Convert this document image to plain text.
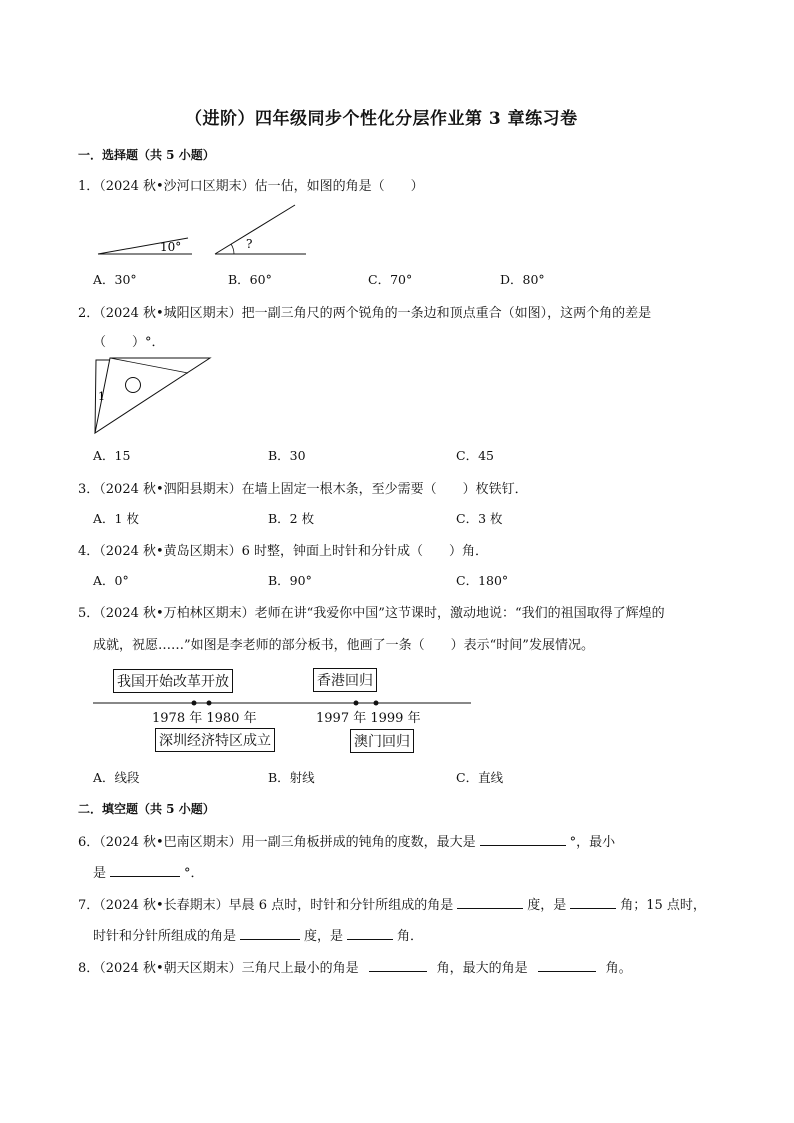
（进阶）四年级同步个性化分层作业第 3 章练习卷
一．选择题（共 5 小题）
1．（2024 秋•沙河口区期末）估一估，如图的角是（　　）
10°	?
A．30°	B．60°	C．70°	D．80°
2．（2024 秋•城阳区期末）把一副三角尺的两个锐角的一条边和顶点重合（如图），这两个角的差是
（　　）°．
1
A．15	B．30	C．45
3．（2024 秋•泗阳县期末）在墙上固定一根木条，至少需要（　　）枚铁钉．
A．1 枚	B．2 枚	C．3 枚
4．（2024 秋•黄岛区期末）6 时整，钟面上时针和分针成（　　）角．
A．0°	B．90°	C．180°
5．（2024 秋•万柏林区期末）老师在讲“我爱你中国”这节课时，激动地说：“我们的祖国取得了辉煌的
成就，祝愿……”如图是李老师的部分板书，他画了一条（　　）表示“时间”发展情况。
我国开始改革开放	香港回归
1978 年 1980 年	1997 年 1999 年
深圳经济特区成立	澳门回归
A．线段	B．射线	C．直线
二．填空题（共 5 小题）
6．（2024 秋•巴南区期末）用一副三角板拼成的钝角的度数，最大是	°，最小
是	°．
7．（2024 秋•长春期末）早晨 6 点时，时针和分针所组成的角是	度，是	角；15 点时，
时针和分针所组成的角是	度，是	角．
8．（2024 秋•朝天区期末）三角尺上最小的角是	角，最大的角是	角。
